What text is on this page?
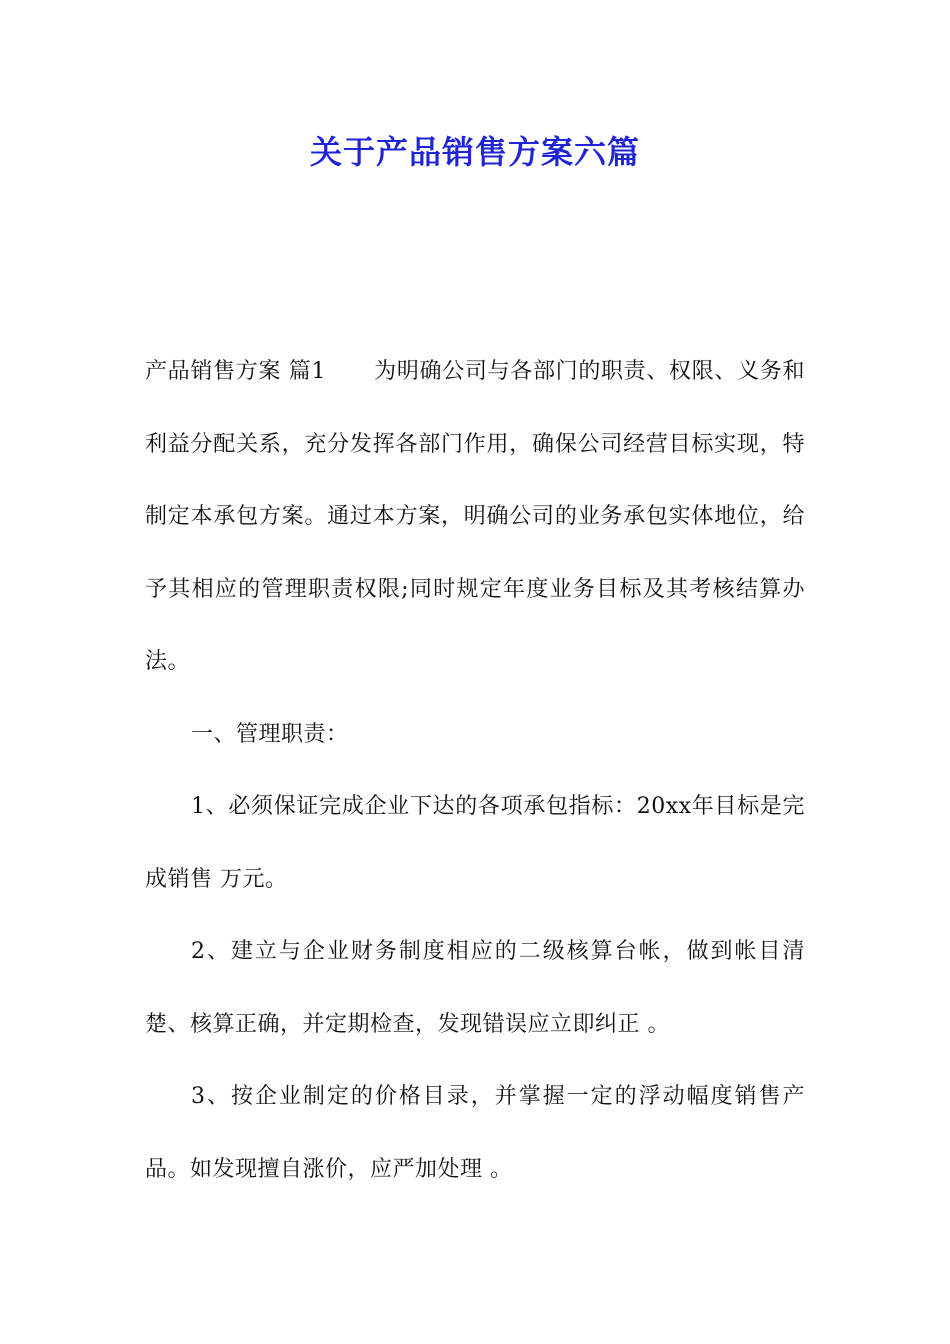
关于产品销售方案六篇

产品销售方案 篇1 为明确公司与各部门的职责、权限、义务和利益分配关系，充分发挥各部门作用，确保公司经营目标实现，特制定本承包方案。通过本方案，明确公司的业务承包实体地位，给予其相应的管理职责权限;同时规定年度业务目标及其考核结算办法。

一、管理职责：

1、必须保证完成企业下达的各项承包指标：20xx年目标是完成销售 万元。

2、建立与企业财务制度相应的二级核算台帐，做到帐目清楚、核算正确，并定期检查，发现错误应立即纠正 。

3、按企业制定的价格目录，并掌握一定的浮动幅度销售产品。如发现擅自涨价，应严加处理 。
